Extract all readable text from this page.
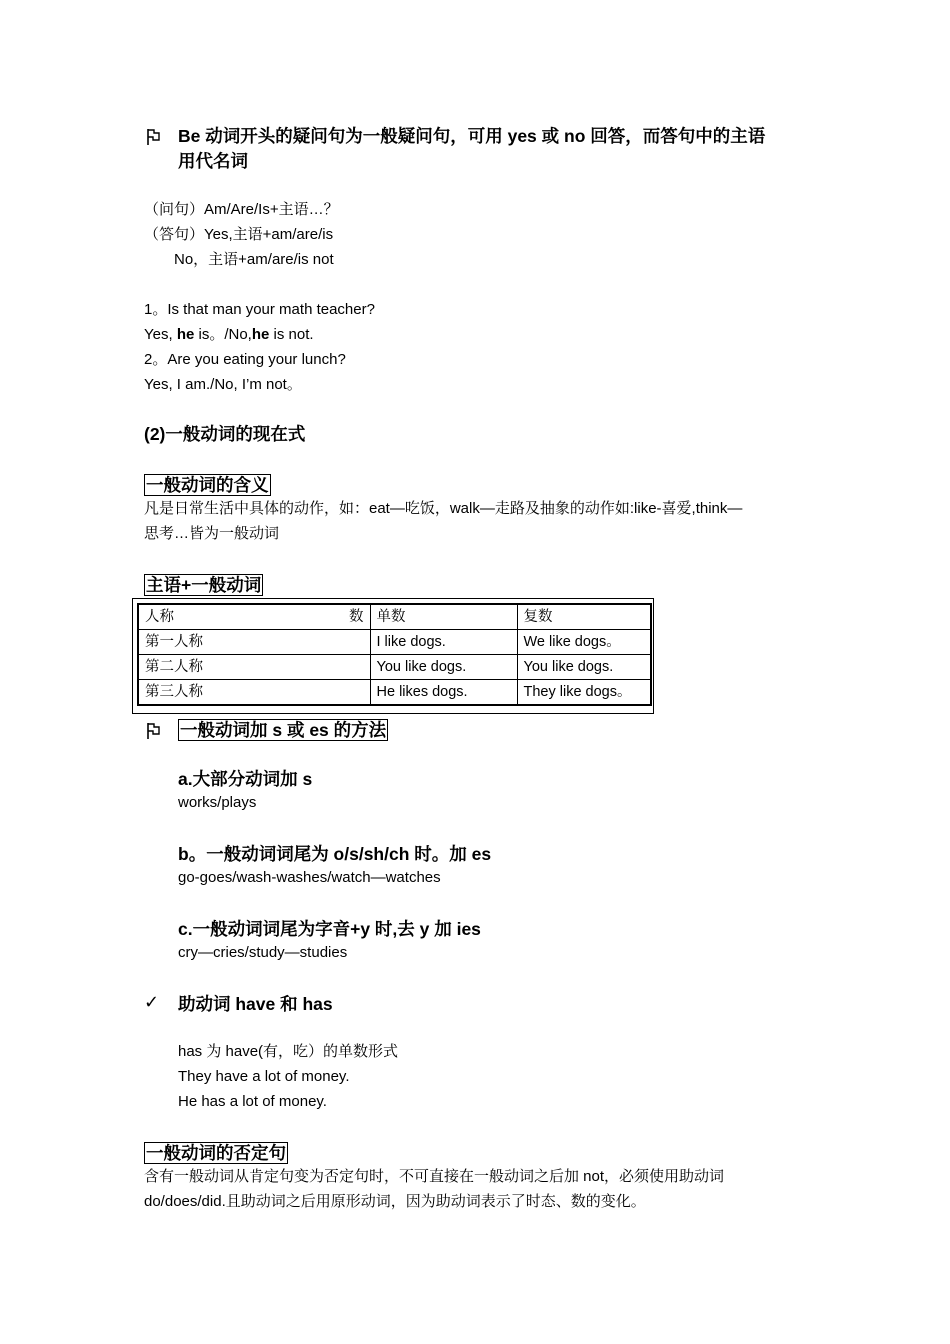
Be 动词开头的疑问句为一般疑问句，可用 yes 或 no 回答，而答句中的主语
用代名词
（问句）Am/Are/Is+主语…？
（答句）Yes,主语+am/are/is
No，主语+am/are/is not
1。Is that man your math teacher?
Yes, he is。/No,he is not.
2。Are you eating your lunch?
Yes, I am./No, I’m not。
(2)一般动词的现在式
一般动词的含义
凡是日常生活中具体的动作，如：eat—吃饭，walk—走路及抽象的动作如:like-喜爱,think—
思考…皆为一般动词
主语+一般动词
人称 数	单数	复数
第一人称	I like dogs.	We like dogs。
第二人称	You like dogs.	You like dogs.
第三人称	He likes dogs.	They like dogs。
一般动词加 s 或 es 的方法
a.大部分动词加 s
works/plays
b。一般动词词尾为 o/s/sh/ch 时。加 es
go-goes/wash-washes/watch—watches
c.一般动词词尾为字音+y 时,去 y 加 ies
cry—cries/study—studies
✓ 助动词 have 和 has
has 为 have(有，吃）的单数形式
They have a lot of money.
He has a lot of money.
一般动词的否定句
含有一般动词从肯定句变为否定句时，不可直接在一般动词之后加 not，必须使用助动词
do/does/did.且助动词之后用原形动词，因为助动词表示了时态、数的变化。
